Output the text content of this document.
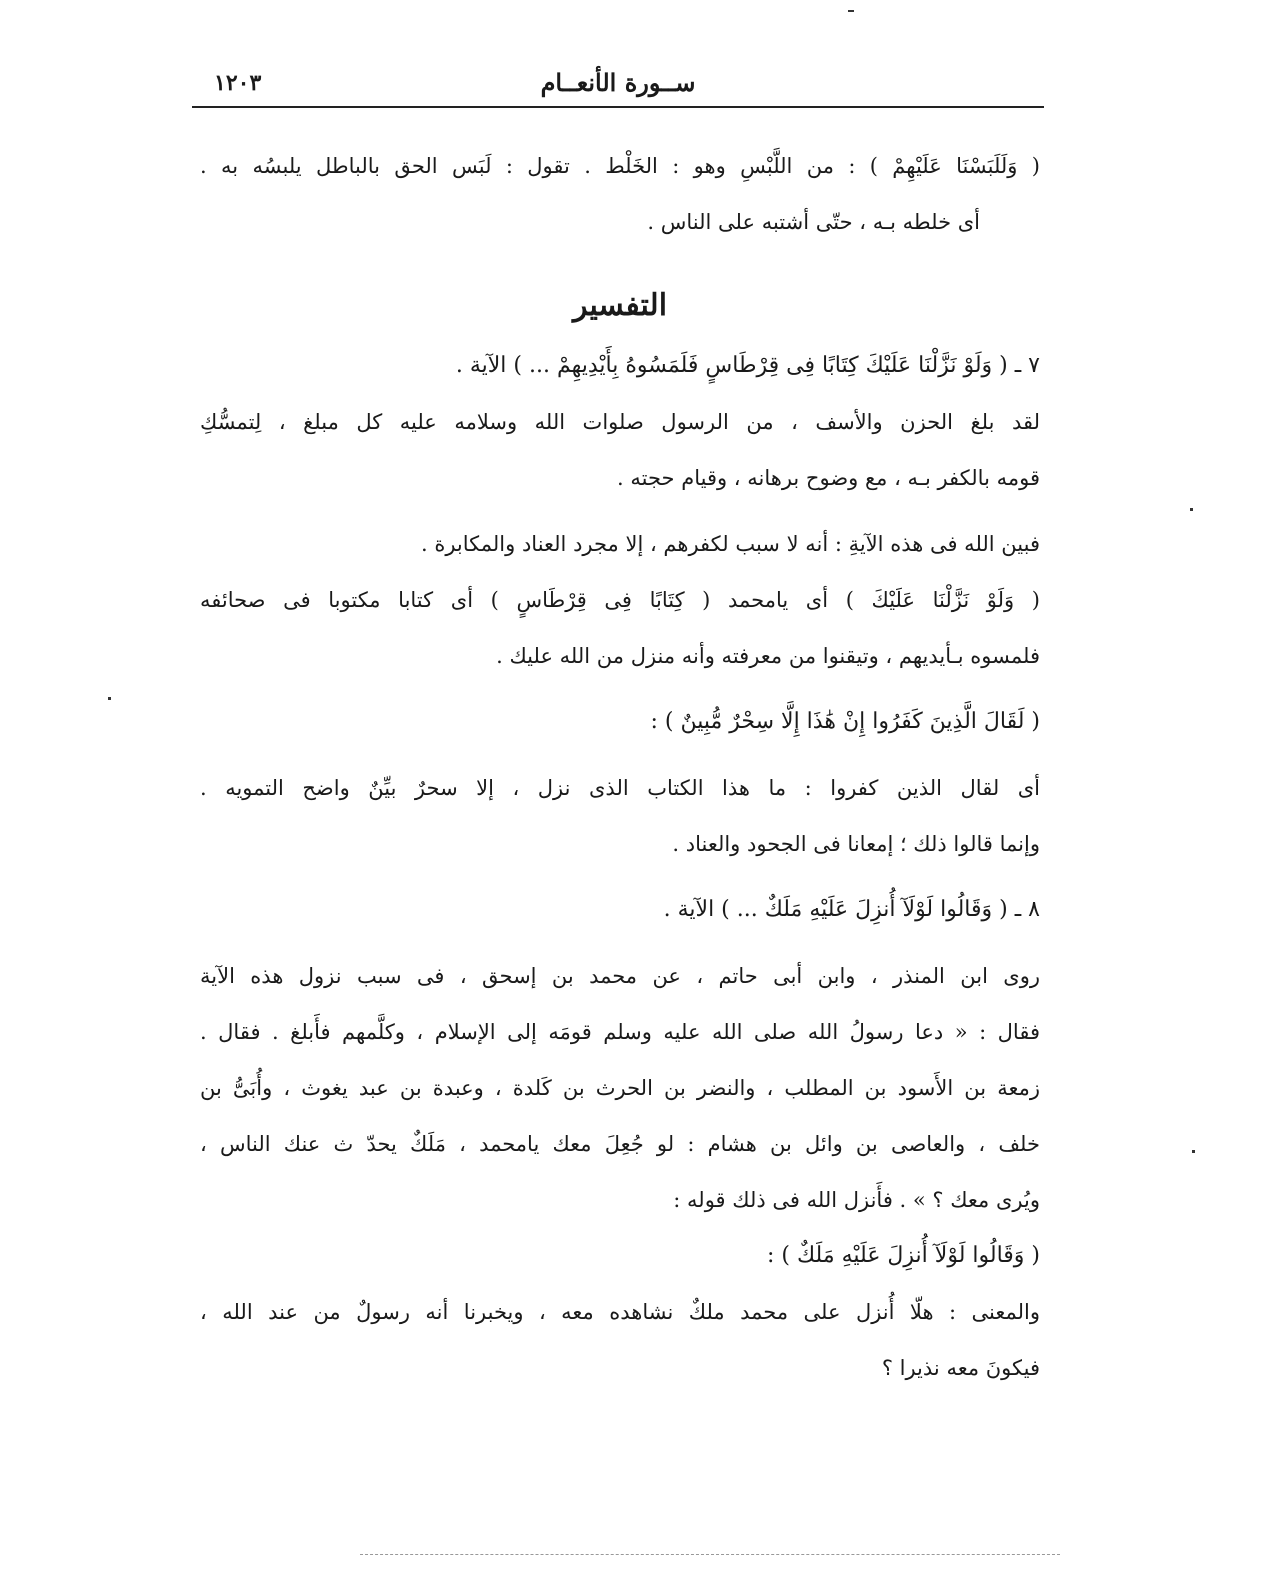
ســورة الأنعــام
١٢٠٣
( وَلَلَبَسْنَا عَلَيْهِمْ ) : من اللَّبْسِ وهو : الخَلْط . تقول : لَبَس الحق بالباطل يلبسُه به .
أى خلطه بـه ، حتّى أشتبه على الناس .
التفسير
٧ ـ ( وَلَوْ نَزَّلْنَا عَلَيْكَ كِتَابًا فِى قِرْطَاسٍ فَلَمَسُوهُ بِأَيْدِيهِمْ ... ) الآية .
لقد بلغ الحزن والأسف ، من الرسول صلوات الله وسلامه عليه كل مبلغ ، لِتمسُّكِ
قومه بالكفر بـه ، مع وضوح برهانه ، وقيام حجته .
فبين الله فى هذه الآيةِ : أنه لا سبب لكفرهم ، إلا مجرد العناد والمكابرة .
( وَلَوْ نَزَّلْنَا عَلَيْكَ ) أى يامحمد ( كِتَابًا فِى قِرْطَاسٍ ) أى كتابا مكتوبا فى صحائفه
فلمسوه بـأيديهم ، وتيقنوا من معرفته وأنه منزل من الله عليك .
( لَقَالَ الَّذِينَ كَفَرُوا إِنْ هَٰذَا إِلَّا سِحْرٌ مُّبِينٌ ) :
أى لقال الذين كفروا : ما هذا الكتاب الذى نزل ، إلا سحرٌ بيِّنٌ واضح التمويه .
وإنما قالوا ذلك ؛ إمعانا فى الجحود والعناد .
٨ ـ ( وَقَالُوا لَوْلَآ أُنزِلَ عَلَيْهِ مَلَكٌ ... ) الآية .
روى ابن المنذر ، وابن أبى حاتم ، عن محمد بن إسحق ، فى سبب نزول هذه الآية
فقال : « دعا رسولُ الله صلى الله عليه وسلم قومَه إلى الإسلام ، وكلَّمهم فأَبلغ . فقال .
زمعة بن الأَسود بن المطلب ، والنضر بن الحرث بن كَلدة ، وعبدة بن عبد يغوث ، وأُبَىُّ بن
خلف ، والعاصى بن وائل بن هشام : لو جُعِلَ معك يامحمد ، مَلَكٌ يحدّ ث عنك الناس ،
ويُرى معك ؟ » . فأَنزل الله فى ذلك قوله :
( وَقَالُوا لَوْلَآ أُنزِلَ عَلَيْهِ مَلَكٌ ) :
والمعنى : هلّا أُنزل على محمد ملكٌ نشاهده معه ، ويخبرنا أنه رسولٌ من عند الله ،
فيكونَ معه نذيرا ؟
